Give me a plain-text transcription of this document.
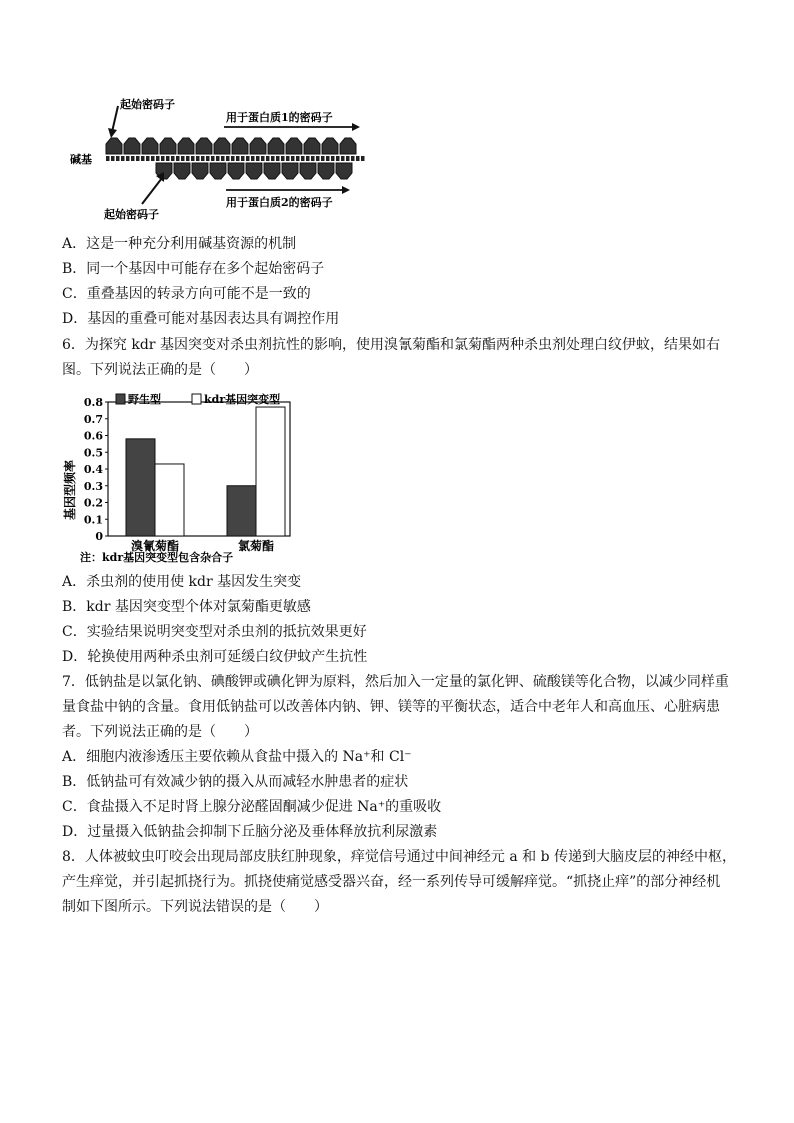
起始密码子
用于蛋白质1的密码子
碱基
起始密码子
用于蛋白质2的密码子
A．这是一种充分利用碱基资源的机制
B．同一个基因中可能存在多个起始密码子
C．重叠基因的转录方向可能不是一致的
D．基因的重叠可能对基因表达具有调控作用
6．为探究 kdr 基因突变对杀虫剂抗性的影响，使用溴氰菊酯和氯菊酯两种杀虫剂处理白纹伊蚊，结果如右
图。下列说法正确的是（　　）
0
0.1
0.2
0.3
0.4
0.5
0.6
0.7
0.8
溴氰菊酯	氯菊酯
基因型频率
野生型	kdr基因突变型
注：kdr基因突变型包含杂合子
A．杀虫剂的使用使 kdr 基因发生突变
B．kdr 基因突变型个体对氯菊酯更敏感
C．实验结果说明突变型对杀虫剂的抵抗效果更好
D．轮换使用两种杀虫剂可延缓白纹伊蚊产生抗性
7．低钠盐是以氯化钠、碘酸钾或碘化钾为原料，然后加入一定量的氯化钾、硫酸镁等化合物，以减少同样重
量食盐中钠的含量。食用低钠盐可以改善体内钠、钾、镁等的平衡状态，适合中老年人和高血压、心脏病患
者。下列说法正确的是（　　）
A．细胞内液渗透压主要依赖从食盐中摄入的 Na⁺和 Cl⁻
B．低钠盐可有效减少钠的摄入从而减轻水肿患者的症状
C．食盐摄入不足时肾上腺分泌醛固酮减少促进 Na⁺的重吸收
D．过量摄入低钠盐会抑制下丘脑分泌及垂体释放抗利尿激素
8．人体被蚊虫叮咬会出现局部皮肤红肿现象，痒觉信号通过中间神经元 a 和 b 传递到大脑皮层的神经中枢，
产生痒觉，并引起抓挠行为。抓挠使痛觉感受器兴奋，经一系列传导可缓解痒觉。“抓挠止痒”的部分神经机
制如下图所示。下列说法错误的是（　　）
